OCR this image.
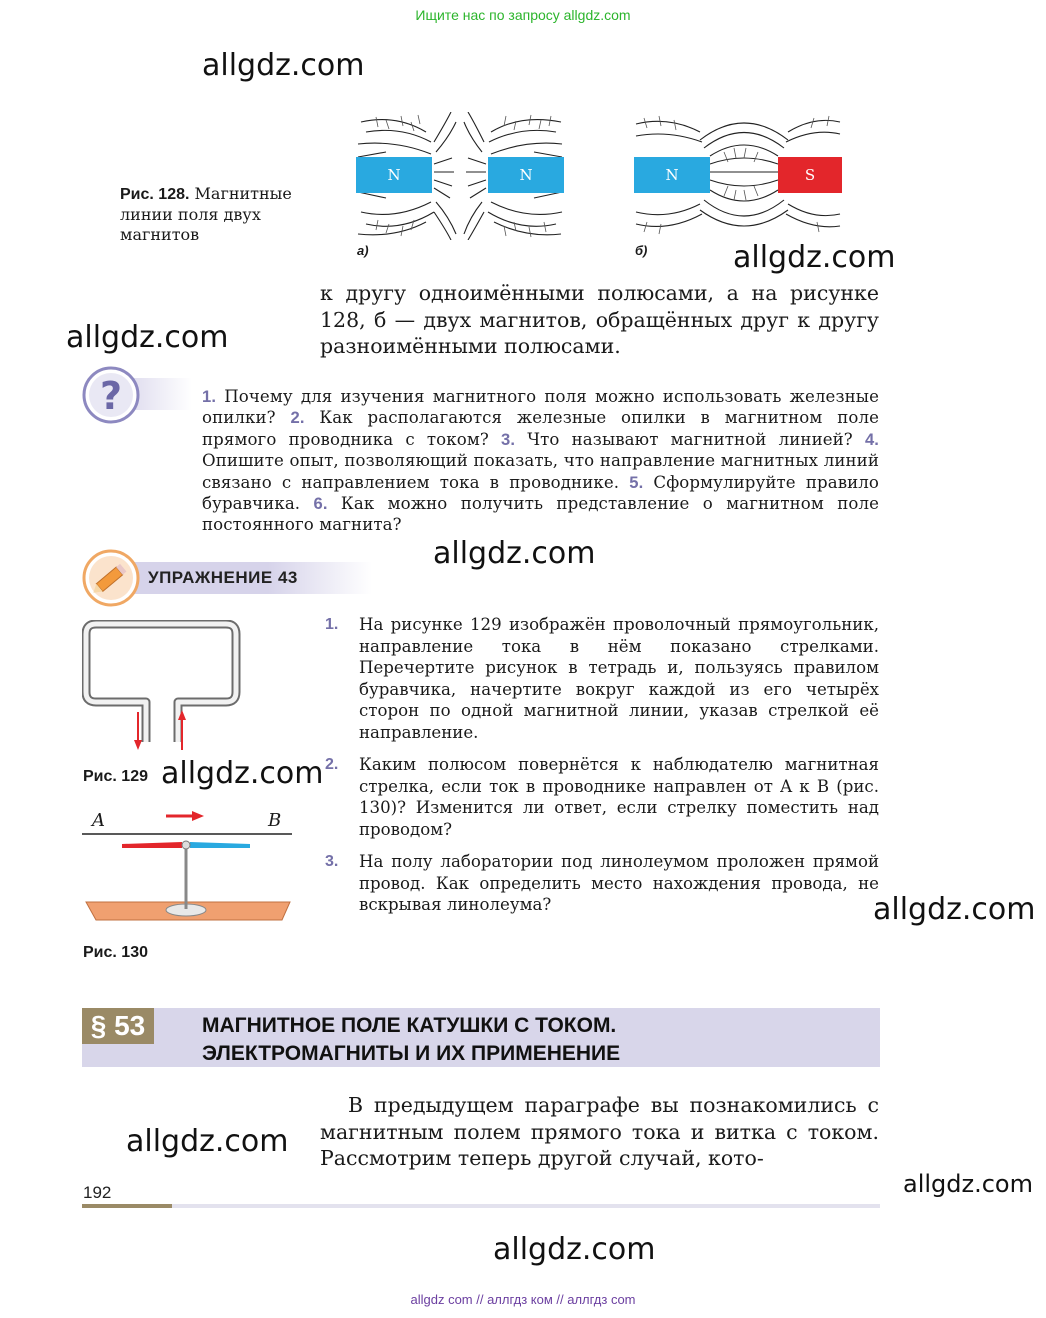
Ищите нас по запросу allgdz.com
allgdz.com
allgdz.com
allgdz.com
allgdz.com
allgdz.com
allgdz.com
allgdz.com
allgdz.com
allgdz.com
Рис. 128. Магнитные линии поля двух магнитов
N	N
а)
N	S
б)
к другу одноимёнными полюсами, а на рисунке 128, б — двух магнитов, обращённых друг к другу разноимёнными полюсами.
?	1. Почему для изучения магнитного поля можно использовать железные опилки? 2. Как располагаются железные опилки в магнитном поле прямого проводника с током? 3. Что называют магнитной линией? 4. Опишите опыт, позволяющий показать, что направление магнитных линий связано с направлением тока в проводнике. 5. Сформулируйте правило буравчика. 6. Как можно получить представление о магнитном поле постоянного магнита?
УПРАЖНЕНИЕ 43
Рис. 129
A	B
Рис. 130
1. На рисунке 129 изображён проволочный прямоугольник, направление тока в нём показано стрелками. Перечертите рисунок в тетрадь и, пользуясь правилом буравчика, начертите вокруг каждой из его четырёх сторон по одной магнитной линии, указав стрелкой её направление.
2. Каким полюсом повернётся к наблюдателю магнитная стрелка, если ток в проводнике направлен от A к B (рис. 130)? Изменится ли ответ, если стрелку поместить над проводом?
3. На полу лаборатории под линолеумом проложен прямой провод. Как определить место нахождения провода, не вскрывая линолеума?
§ 53	МАГНИТНОЕ ПОЛЕ КАТУШКИ С ТОКОМ.
ЭЛЕКТРОМАГНИТЫ И ИХ ПРИМЕНЕНИЕ
В предыдущем параграфе вы познакомились с магнитным полем прямого тока и витка с током. Рассмотрим теперь другой случай, кото-
192
allgdz com // аллгдз ком // аллгдз com
